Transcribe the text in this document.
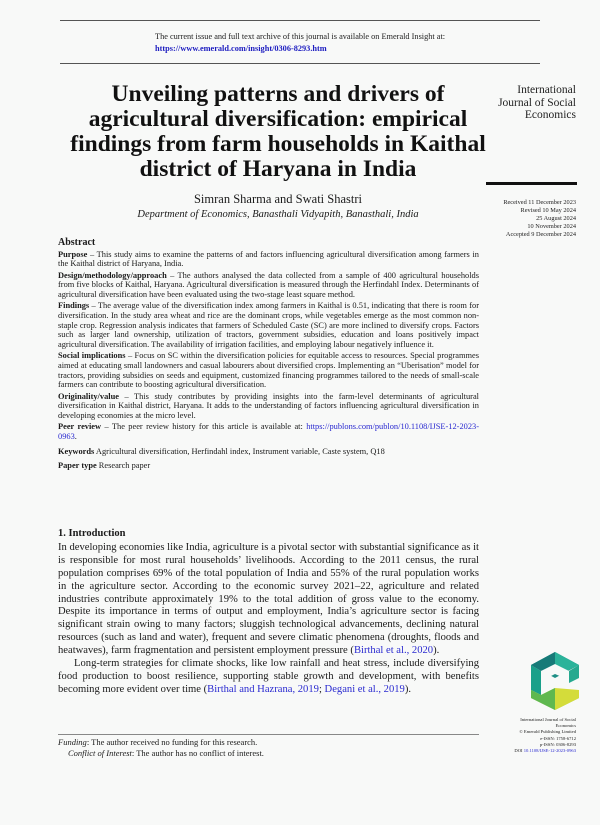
The current issue and full text archive of this journal is available on Emerald Insight at:
https://www.emerald.com/insight/0306-8293.htm
Unveiling patterns and drivers of agricultural diversification: empirical findings from farm households in Kaithal district of Haryana in India
Simran Sharma and Swati Shastri
Department of Economics, Banasthali Vidyapith, Banasthali, India
International
Journal of Social
Economics
Received 11 December 2023
Revised 10 May 2024
25 August 2024
10 November 2024
Accepted 9 December 2024
Abstract

Purpose – This study aims to examine the patterns of and factors influencing agricultural diversification among farmers in the Kaithal district of Haryana, India.

Design/methodology/approach – The authors analysed the data collected from a sample of 400 agricultural households from five blocks of Kaithal, Haryana. Agricultural diversification is measured through the Herfindahl Index. Determinants of agricultural diversification have been evaluated using the two-stage least square method.

Findings – The average value of the diversification index among farmers in Kaithal is 0.51, indicating that there is room for diversification. In the study area wheat and rice are the dominant crops, while vegetables emerge as the most common non-staple crop. Regression analysis indicates that farmers of Scheduled Caste (SC) are more inclined to diversify crops. Factors such as larger land ownership, utilization of tractors, government subsidies, education and loans positively impact agricultural diversification. The availability of irrigation facilities, and employing labour negatively influence it.

Social implications – Focus on SC within the diversification policies for equitable access to resources. Special programmes aimed at educating small landowners and casual labourers about diversified crops. Implementing an “Uberisation” model for tractors, providing subsidies on seeds and equipment, customized financing programmes tailored to the needs of small-scale farmers can contribute to boosting agricultural diversification.

Originality/value – This study contributes by providing insights into the farm-level determinants of agricultural diversification in Kaithal district, Haryana. It adds to the understanding of factors influencing agricultural diversification in developing economies at the micro level.

Peer review – The peer review history for this article is available at: https://publons.com/publon/10.1108/IJSE-12-2023-0963.

Keywords Agricultural diversification, Herfindahl index, Instrument variable, Caste system, Q18

Paper type Research paper

1. Introduction

In developing economies like India, agriculture is a pivotal sector with substantial significance as it is responsible for most rural households’ livelihoods. According to the 2011 census, the rural population comprises 69% of the total population of India and 55% of the rural population works in the agriculture sector. According to the economic survey 2021–22, agriculture and related industries contribute approximately 19% to the total addition of gross value to the economy. Despite its importance in terms of output and employment, India’s agriculture sector is facing significant strain owing to many factors; sluggish technological advancements, declining natural resources (such as land and water), frequent and severe climatic phenomena (droughts, floods and heatwaves), farm fragmentation and persistent employment pressure (Birthal et al., 2020).

Long-term strategies for climate shocks, like low rainfall and heat stress, include diversifying food production to boost resilience, supporting stable growth and development, with benefits becoming more evident over time (Birthal and Hazrana, 2019; Degani et al., 2019).

Funding: The author received no funding for this research.
Conflict of Interest: The author has no conflict of interest.
International Journal of Social
Economics
© Emerald Publishing Limited
e-ISSN: 1758-6712
p-ISSN: 0306-8293
DOI 10.1108/IJSE-12-2023-0963
